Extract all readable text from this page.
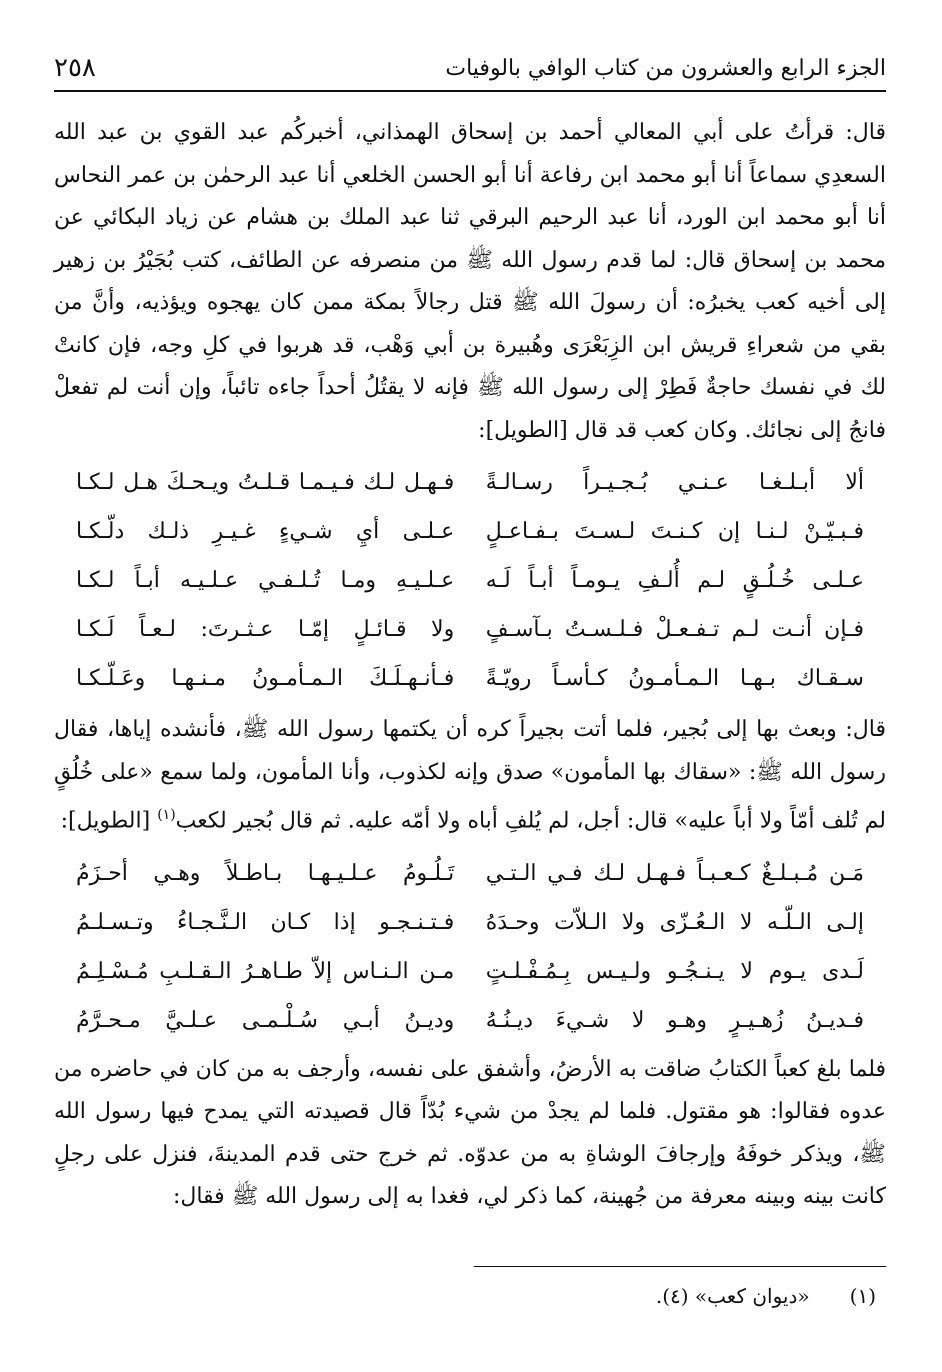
الجزء الرابع والعشرون من كتاب الوافي بالوفيات
٢٥٨

قال: قرأتُ على أبي المعالي أحمد بن إسحاق الهمذاني، أخبركُم عبد القوي بن عبد الله السعدِي سماعاً أنا أبو محمد ابن رفاعة أنا أبو الحسن الخلعي أنا عبد الرحمٰن بن عمر النحاس أنا أبو محمد ابن الورد، أنا عبد الرحيم البرقي ثنا عبد الملك بن هشام عن زياد البكائي عن محمد بن إسحاق قال: لما قدم رسول الله ﷺ من منصرفه عن الطائف، كتب بُجَيْرُ بن زهير إلى أخيه كعب يخبرُه: أن رسولَ الله ﷺ قتل رجالاً بمكة ممن كان يهجوه ويؤذيه، وأنَّ من بقي من شعراءِ قريش ابن الزِبَعْرَى وهُبيرة بن أبي وَهْب، قد هربوا في كلِ وجه، فإن كانتْ لك في نفسك حاجةٌ فَطِرْ إلى رسول الله ﷺ فإنه لا يقتُلُ أحداً جاءه تائباً، وإن أنت لم تفعلْ فانجُ إلى نجائك. وكان كعب قد قال [الطويل]:

ألا أبـلـغـا عـنـي بُـجـيـراً رسـالـةً
فـهـل لـك فـيـمـا قـلـتُ ويـحـكَ هـل لـكـا
فـبـيّـنْ لـنـا إن كـنـتَ لـسـتَ بـفـاعـلٍ
عـلـى أيِ شـيءٍ غـيـرِ ذلـك دلّـكـا
عـلـى خُـلُـقٍ لـم أُلـفِ يـومـاً أبـاً لَـه
عـلـيـهِ ومـا تُـلـفـي عـلـيـه أبـاً لـكـا
فـإن أنـت لـم تـفـعـلْ فـلـسـتُ بـآسـفٍ
ولا قـائـلٍ إمّـا عـثـرتَ: لـعـاً لَـكـا
سـقـاك بـهـا الـمـأمـونُ كـأسـاً رويّـةً
فـأنـهـلَـكَ الـمـأمـونُ مـنـهـا وعَـلّـكـا

قال: وبعث بها إلى بُجير، فلما أتت بجيراً كره أن يكتمها رسول الله ﷺ، فأنشده إياها، فقال رسول الله ﷺ: «سقاك بها المأمون» صدق وإنه لكذوب، وأنا المأمون، ولما سمع «على خُلُقٍ لم تُلف أمّاً ولا أباً عليه» قال: أجل، لم يُلفِ أباه ولا أمّه عليه. ثم قال بُجير لكعب$^{(١)}$ [الطويل]:

مَـن مُـبـلـغٌ كـعـبـاً فـهـل لـك فـي الـتـي
تَـلُـومُ عـلـيـهـا بـاطـلاً وهـي أحـزَمُ
إلـى الـلّـه لا الـعُـزّى ولا الـلاّت وحـدَهُ
فـتـنـجـو إذا كـان الـنَّـجـاءُ وتـسـلـمُ
لَـدى يـوم لا يـنـجُـو ولـيـس بِـمُـفْـلـتٍ
مـن الـنـاس إلاّ طـاهـرُ الـقـلـبِ مُـسْـلِـمُ
فـديـنُ زُهـيـرٍ وهـو لا شـيءَ ديـنُـهُ
وديـنُ أبـي سُـلْـمـى عـلـيَّ مـحـرَّمُ

فلما بلغ كعباً الكتابُ ضاقت به الأرضُ، وأشفق على نفسه، وأرجف به من كان في حاضره من عدوه فقالوا: هو مقتول. فلما لم يجدْ من شيء بُدّاً قال قصيدته التي يمدح فيها رسول الله ﷺ، ويذكر خوفَهُ وإرجافَ الوشاةِ به من عدوّه. ثم خرج حتى قدم المدينةَ، فنزل على رجلٍ كانت بينه وبينه معرفة من جُهينة، كما ذكر لي، فغدا به إلى رسول الله ﷺ فقال:

(١)
«ديوان كعب» (٤).
